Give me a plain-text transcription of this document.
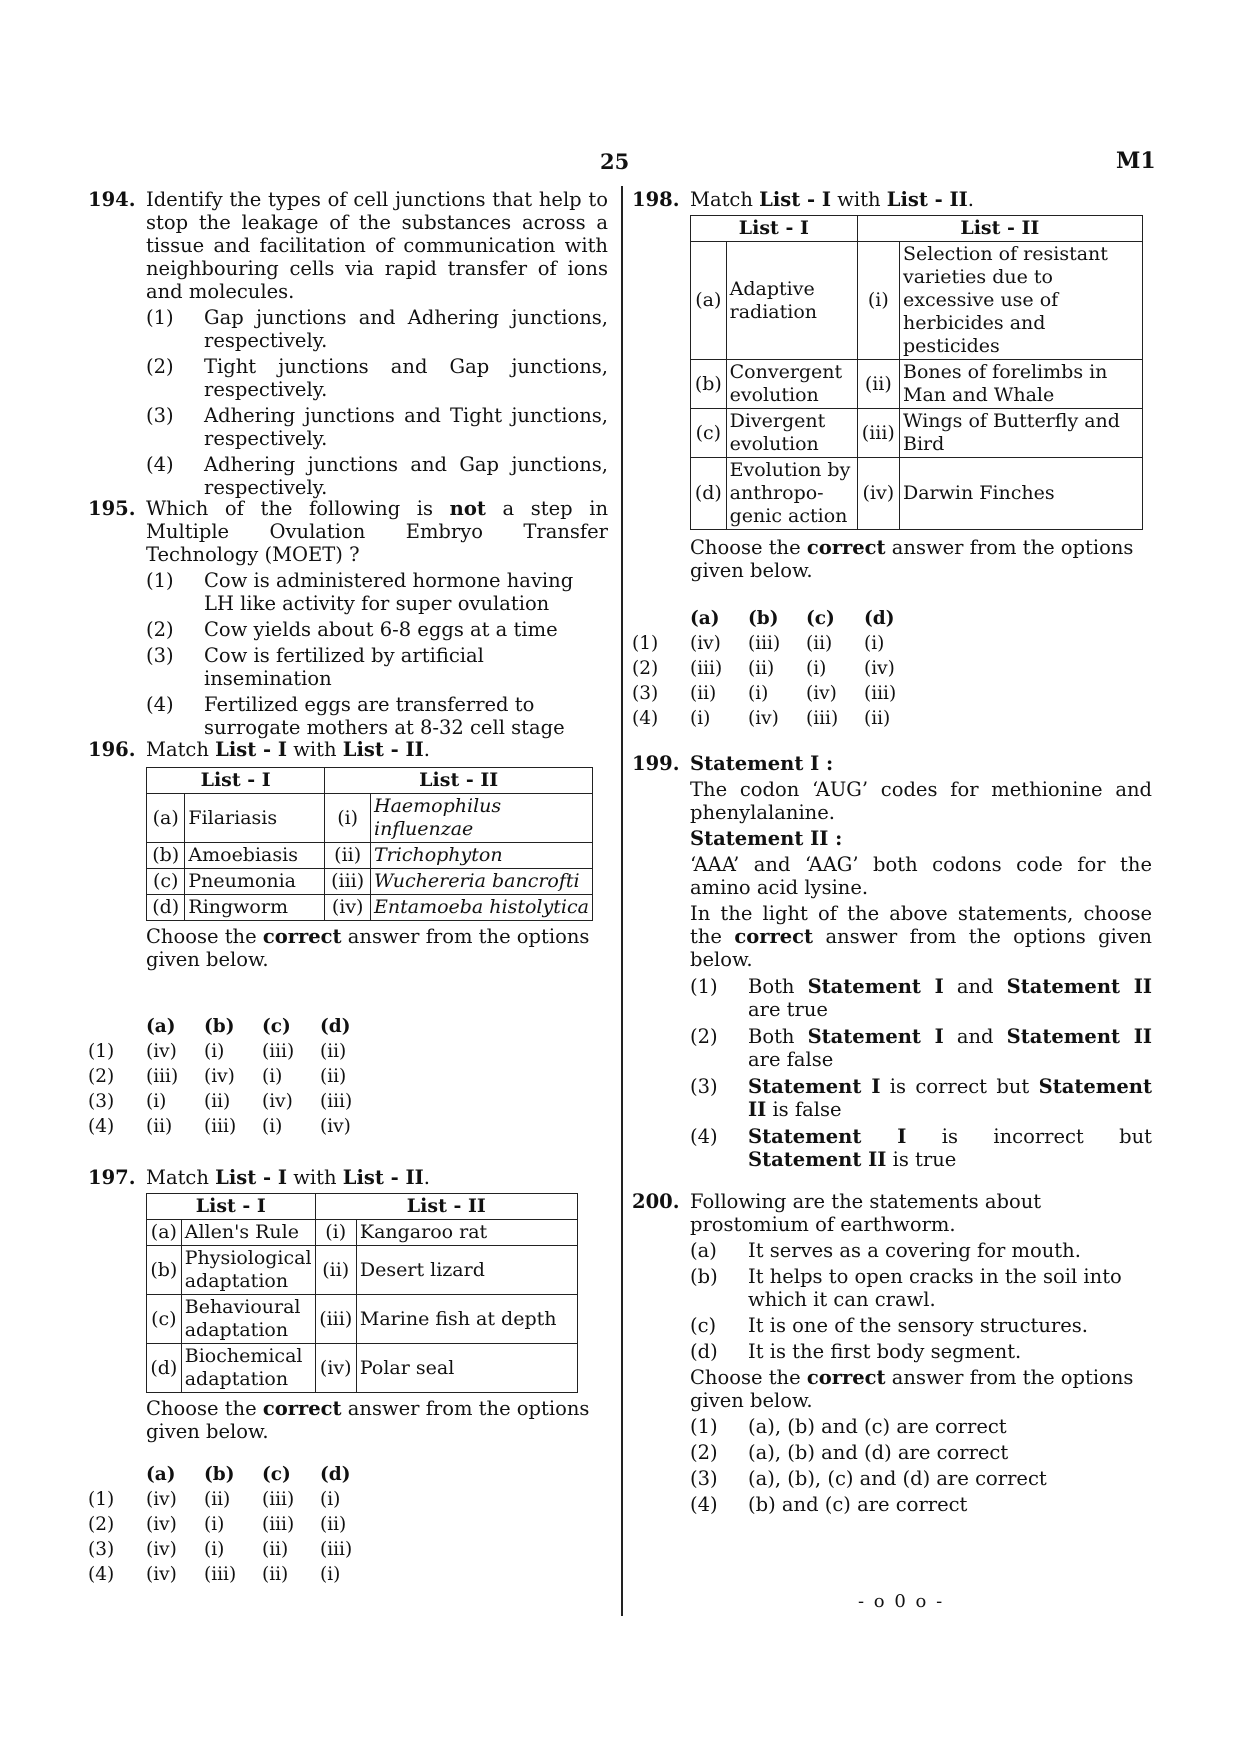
25	M1
194. Identify the types of cell junctions that help to stop the leakage of the substances across a tissue and facilitation of communication with neighbouring cells via rapid transfer of ions and molecules.
(1) Gap junctions and Adhering junctions, respectively.
(2) Tight junctions and Gap junctions, respectively.
(3) Adhering junctions and Tight junctions, respectively.
(4) Adhering junctions and Gap junctions, respectively.
195. Which of the following is not a step in Multiple Ovulation Embryo Transfer Technology (MOET) ?
(1) Cow is administered hormone having LH like activity for super ovulation
(2) Cow yields about 6-8 eggs at a time
(3) Cow is fertilized by artificial insemination
(4) Fertilized eggs are transferred to surrogate mothers at 8-32 cell stage
196. Match List - I with List - II.
List - I		List - II	
(a)	Filariasis	(i)	Haemophilus influenzae
(b)	Amoebiasis	(ii)	Trichophyton
(c)	Pneumonia	(iii)	Wuchereria bancrofti
(d)	Ringworm	(iv)	Entamoeba histolytica
Choose the correct answer from the options given below.
	(a)	(b)	(c)	(d)
(1)	(iv)	(i)	(iii)	(ii)
(2)	(iii)	(iv)	(i)	(ii)
(3)	(i)	(ii)	(iv)	(iii)
(4)	(ii)	(iii)	(i)	(iv)
197. Match List - I with List - II.
List - I		List - II	
(a)	Allen's Rule	(i)	Kangaroo rat
(b)	Physiological adaptation	(ii)	Desert lizard
(c)	Behavioural adaptation	(iii)	Marine fish at depth
(d)	Biochemical adaptation	(iv)	Polar seal
Choose the correct answer from the options given below.
	(a)	(b)	(c)	(d)
(1)	(iv)	(ii)	(iii)	(i)
(2)	(iv)	(i)	(iii)	(ii)
(3)	(iv)	(i)	(ii)	(iii)
(4)	(iv)	(iii)	(ii)	(i)
198. Match List - I with List - II.
List - I		List - II	
(a)	Adaptive radiation	(i)	Selection of resistant varieties due to excessive use of herbicides and pesticides
(b)	Convergent evolution	(ii)	Bones of forelimbs in Man and Whale
(c)	Divergent evolution	(iii)	Wings of Butterfly and Bird
(d)	Evolution by anthropo-genic action	(iv)	Darwin Finches
Choose the correct answer from the options given below.
	(a)	(b)	(c)	(d)
(1)	(iv)	(iii)	(ii)	(i)
(2)	(iii)	(ii)	(i)	(iv)
(3)	(ii)	(i)	(iv)	(iii)
(4)	(i)	(iv)	(iii)	(ii)
199. Statement I :
The codon ‘AUG’ codes for methionine and phenylalanine.
Statement II :
‘AAA’ and ‘AAG’ both codons code for the amino acid lysine.
In the light of the above statements, choose the correct answer from the options given below.
(1) Both Statement I and Statement II are true
(2) Both Statement I and Statement II are false
(3) Statement I is correct but Statement II is false
(4) Statement I is incorrect but Statement II is true
200. Following are the statements about prostomium of earthworm.
(a) It serves as a covering for mouth.
(b) It helps to open cracks in the soil into which it can crawl.
(c) It is one of the sensory structures.
(d) It is the first body segment.
Choose the correct answer from the options given below.
(1) (a), (b) and (c) are correct
(2) (a), (b) and (d) are correct
(3) (a), (b), (c) and (d) are correct
(4) (b) and (c) are correct
- o 0 o -
